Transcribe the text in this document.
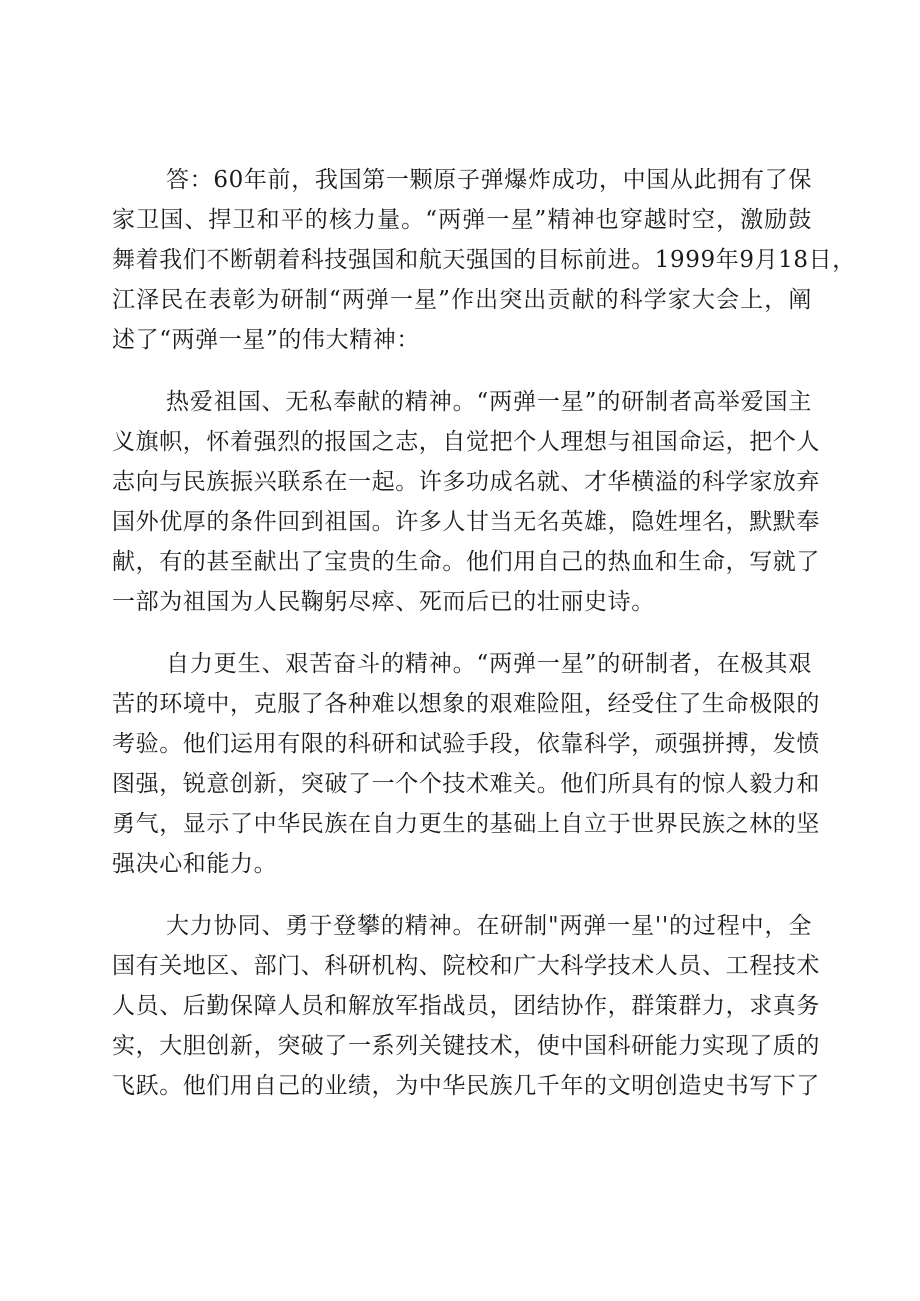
答：60年前，我国第一颗原子弹爆炸成功，中国从此拥有了保
家卫国、捍卫和平的核力量。“两弹一星”精神也穿越时空，激励鼓
舞着我们不断朝着科技强国和航天强国的目标前进。1999年9月18日，
江泽民在表彰为研制“两弹一星”作出突出贡献的科学家大会上，阐
述了“两弹一星”的伟大精神：
热爱祖国、无私奉献的精神。“两弹一星”的研制者高举爱国主
义旗帜，怀着强烈的报国之志，自觉把个人理想与祖国命运，把个人
志向与民族振兴联系在一起。许多功成名就、才华横溢的科学家放弃
国外优厚的条件回到祖国。许多人甘当无名英雄，隐姓埋名，默默奉
献，有的甚至献出了宝贵的生命。他们用自己的热血和生命，写就了
一部为祖国为人民鞠躬尽瘁、死而后已的壮丽史诗。
自力更生、艰苦奋斗的精神。“两弹一星”的研制者，在极其艰
苦的环境中，克服了各种难以想象的艰难险阻，经受住了生命极限的
考验。他们运用有限的科研和试验手段，依靠科学，顽强拼搏，发愤
图强，锐意创新，突破了一个个技术难关。他们所具有的惊人毅力和
勇气，显示了中华民族在自力更生的基础上自立于世界民族之林的坚
强决心和能力。
大力协同、勇于登攀的精神。在研制"两弹一星''的过程中，全
国有关地区、部门、科研机构、院校和广大科学技术人员、工程技术
人员、后勤保障人员和解放军指战员，团结协作，群策群力，求真务
实，大胆创新，突破了一系列关键技术，使中国科研能力实现了质的
飞跃。他们用自己的业绩，为中华民族几千年的文明创造史书写下了
